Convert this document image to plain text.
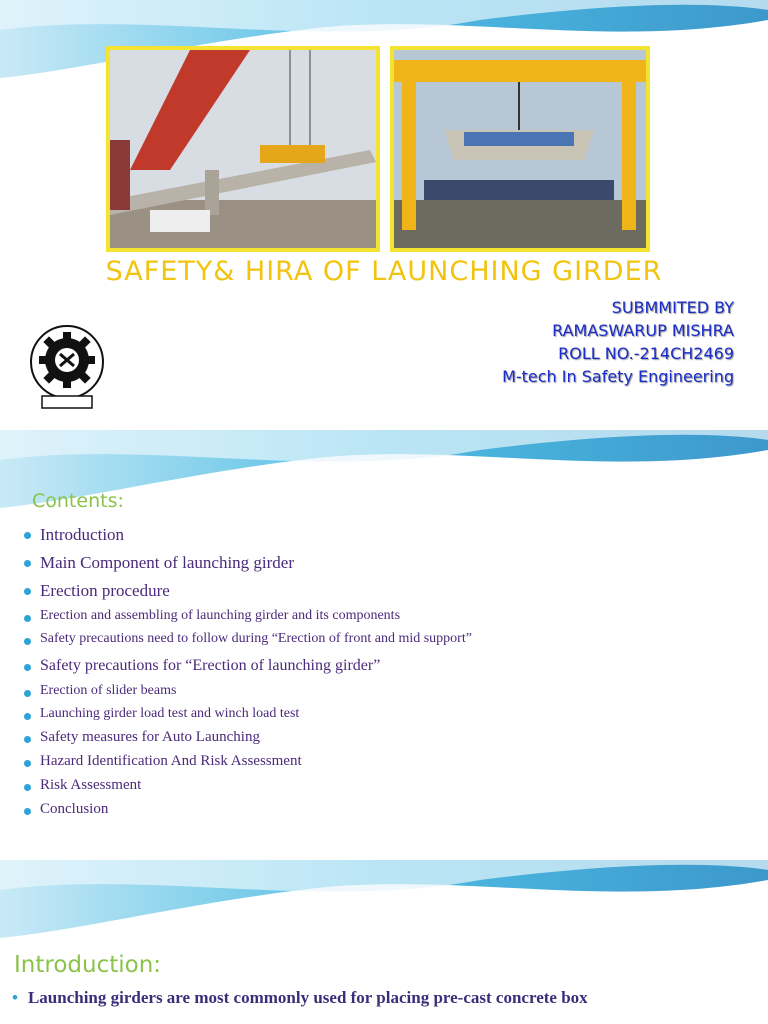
SAFETY& HIRA OF LAUNCHING GIRDER
SUBMMITED BY
RAMASWARUP MISHRA
ROLL NO.-214CH2469
M-tech In Safety Engineering
Contents:
Introduction
Main Component of launching girder
Erection procedure
Erection and assembling of launching girder and its components
Safety precautions need to follow during “Erection of front and mid support”
Safety precautions for “Erection of launching girder”
Erection of slider beams
Launching girder load test and winch load test
Safety measures for Auto Launching
Hazard Identification And Risk Assessment
Risk Assessment
Conclusion
Introduction:
• Launching girders are most commonly used for placing pre-cast concrete box
